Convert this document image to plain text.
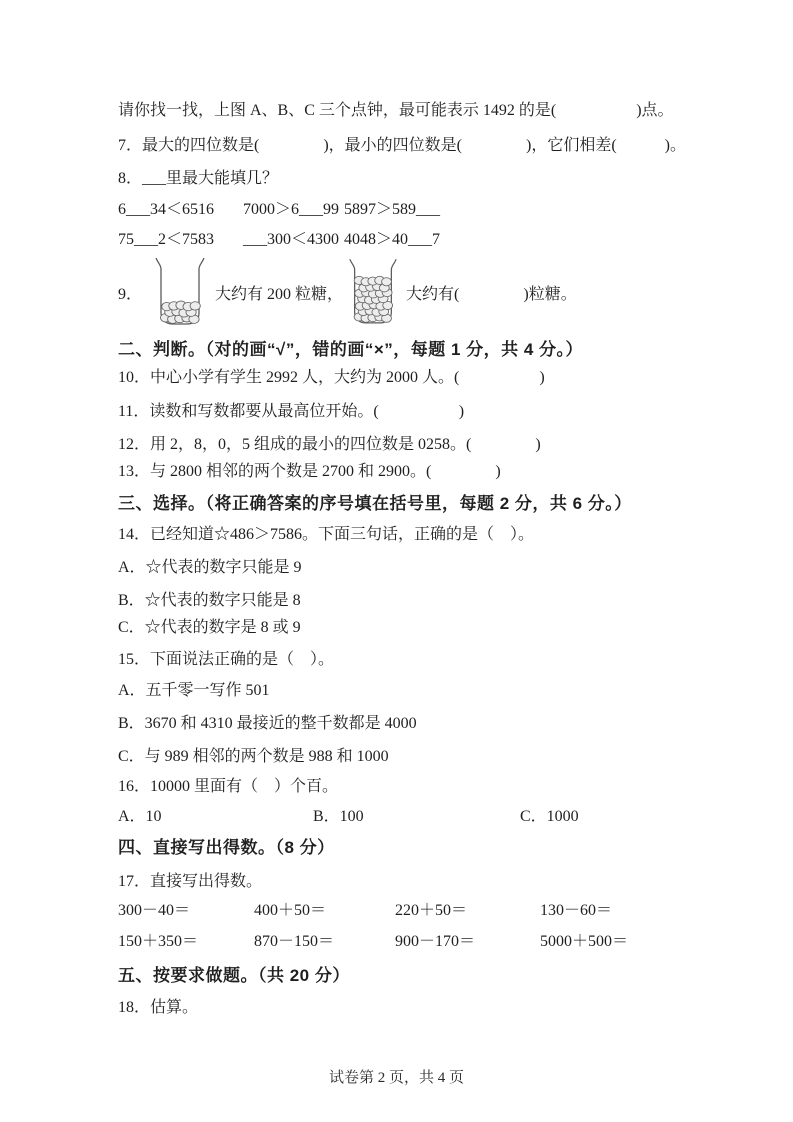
请你找一找，上图 A、B、C 三个点钟，最可能表示 1492 的是(　　　　　)点。
7．最大的四位数是(　　　　)，最小的四位数是(　　　　)，它们相差(　　　)。
8．___里最大能填几？
6___34＜6516	7000＞6___99 5897＞589___
75___2＜7583	___300＜4300 4048＞40___7
9．	大约有 200 粒糖，	大约有(　　　　)粒糖。
二、判断。（对的画“√”，错的画“×”，每题 1 分，共 4 分。）
10．中心小学有学生 2992 人，大约为 2000 人。(　　　　　)
11．读数和写数都要从最高位开始。(　　　　　)
12．用 2，8，0，5 组成的最小的四位数是 0258。(　　　　)
13．与 2800 相邻的两个数是 2700 和 2900。(　　　　)
三、选择。（将正确答案的序号填在括号里，每题 2 分，共 6 分。）
14．已经知道☆486＞7586。下面三句话，正确的是（　）。
A．☆代表的数字只能是 9
B．☆代表的数字只能是 8
C．☆代表的数字是 8 或 9
15．下面说法正确的是（　）。
A．五千零一写作 501
B．3670 和 4310 最接近的整千数都是 4000
C．与 989 相邻的两个数是 988 和 1000
16．10000 里面有（　）个百。
A．10	B．100	C．1000
四、直接写出得数。（8 分）
17．直接写出得数。
300－40＝	400＋50＝	220＋50＝	130－60＝
150＋350＝	870－150＝	900－170＝	5000＋500＝
五、按要求做题。（共 20 分）
18．估算。
试卷第 2 页，共 4 页
